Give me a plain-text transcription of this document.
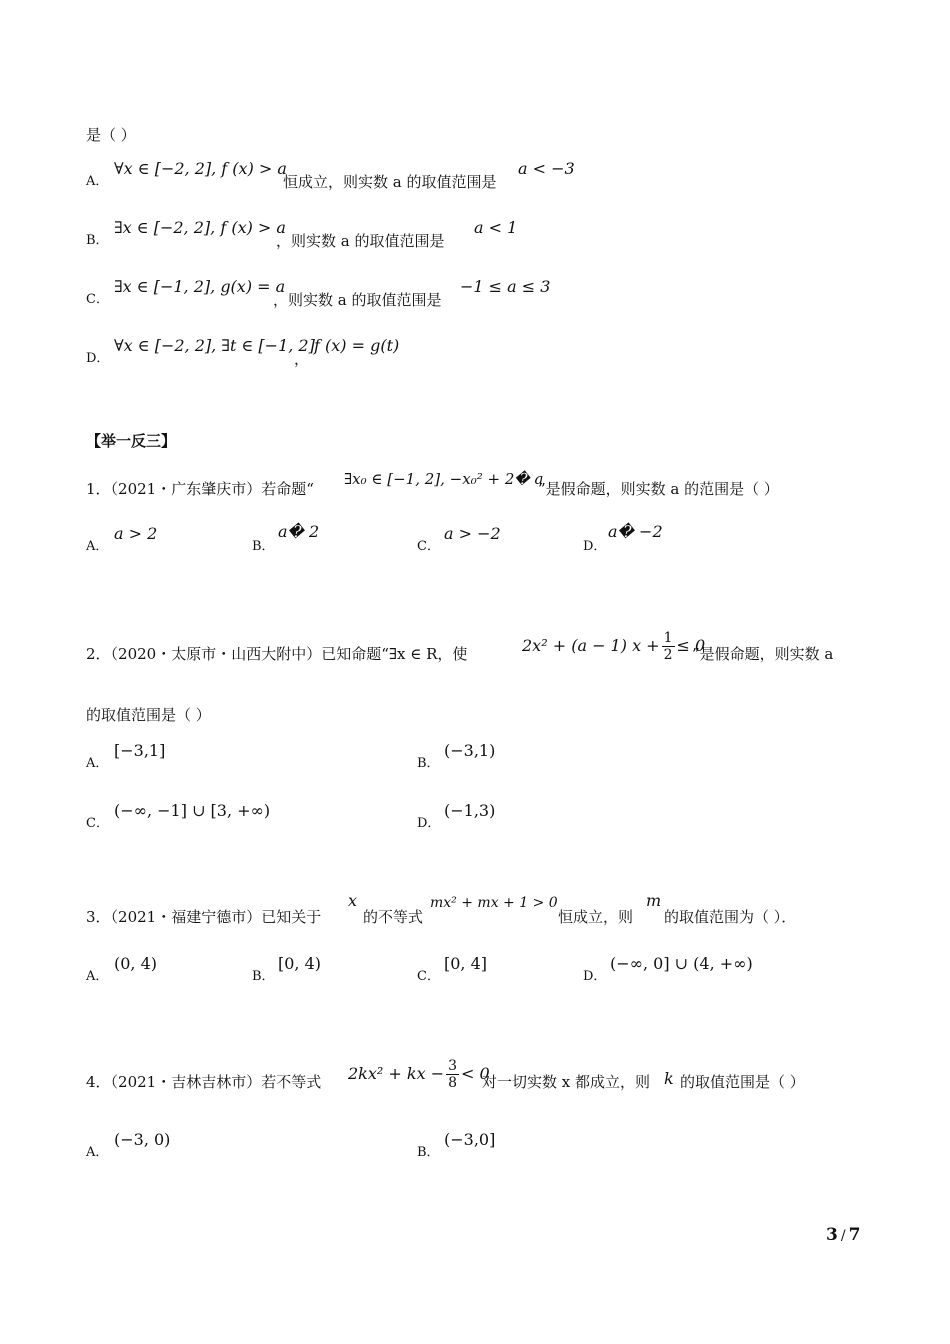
是（ ）
A．
∀x ∈ [−2, 2], f (x) > a
恒成立，则实数 a 的取值范围是
a < −3
B．
∃x ∈ [−2, 2], f (x) > a
，则实数 a 的取值范围是
a < 1
C．
∃x ∈ [−1, 2], g(x) = a
，则实数 a 的取值范围是
−1 ≤ a ≤ 3
D．
∀x ∈ [−2, 2], ∃t ∈ [−1, 2]
，
f (x) = g(t)
【举一反三】
1．（2021・广东肇庆市）若命题“
∃x₀ ∈ [−1, 2], −x₀² + 2� a
”是假命题，则实数 a 的范围是（ ）
A．
a > 2
B．
a� 2
C．
a > −2
D．
a� −2
2．（2020・太原市・山西大附中）已知命题“∃x ∈ R，使	2x² + (a − 1) $x + \frac{1}{2} \le 0$
”是假命题，则实数 a
的取值范围是（ ）
A．
[−3,1]
B．
(−3,1)
C．
(−∞, −1] ∪ [3, +∞)
D．
(−1,3)
3．（2021・福建宁德市）已知关于
x
的不等式
mx² + mx + 1 > 0
恒成立，则
m
的取值范围为（ ）．
A．
(0, 4)
B．
[0, 4)
C．
[0, 4]
D．
(−∞, 0] ∪ (4, +∞)
4．（2021・吉林吉林市）若不等式 2kx² + kx − $\frac{3}{8} < 0$
对一切实数 x 都成立，则 k 的取值范围是（ ）
A．
(−3, 0)
B．
(−3,0]
3 / 7
